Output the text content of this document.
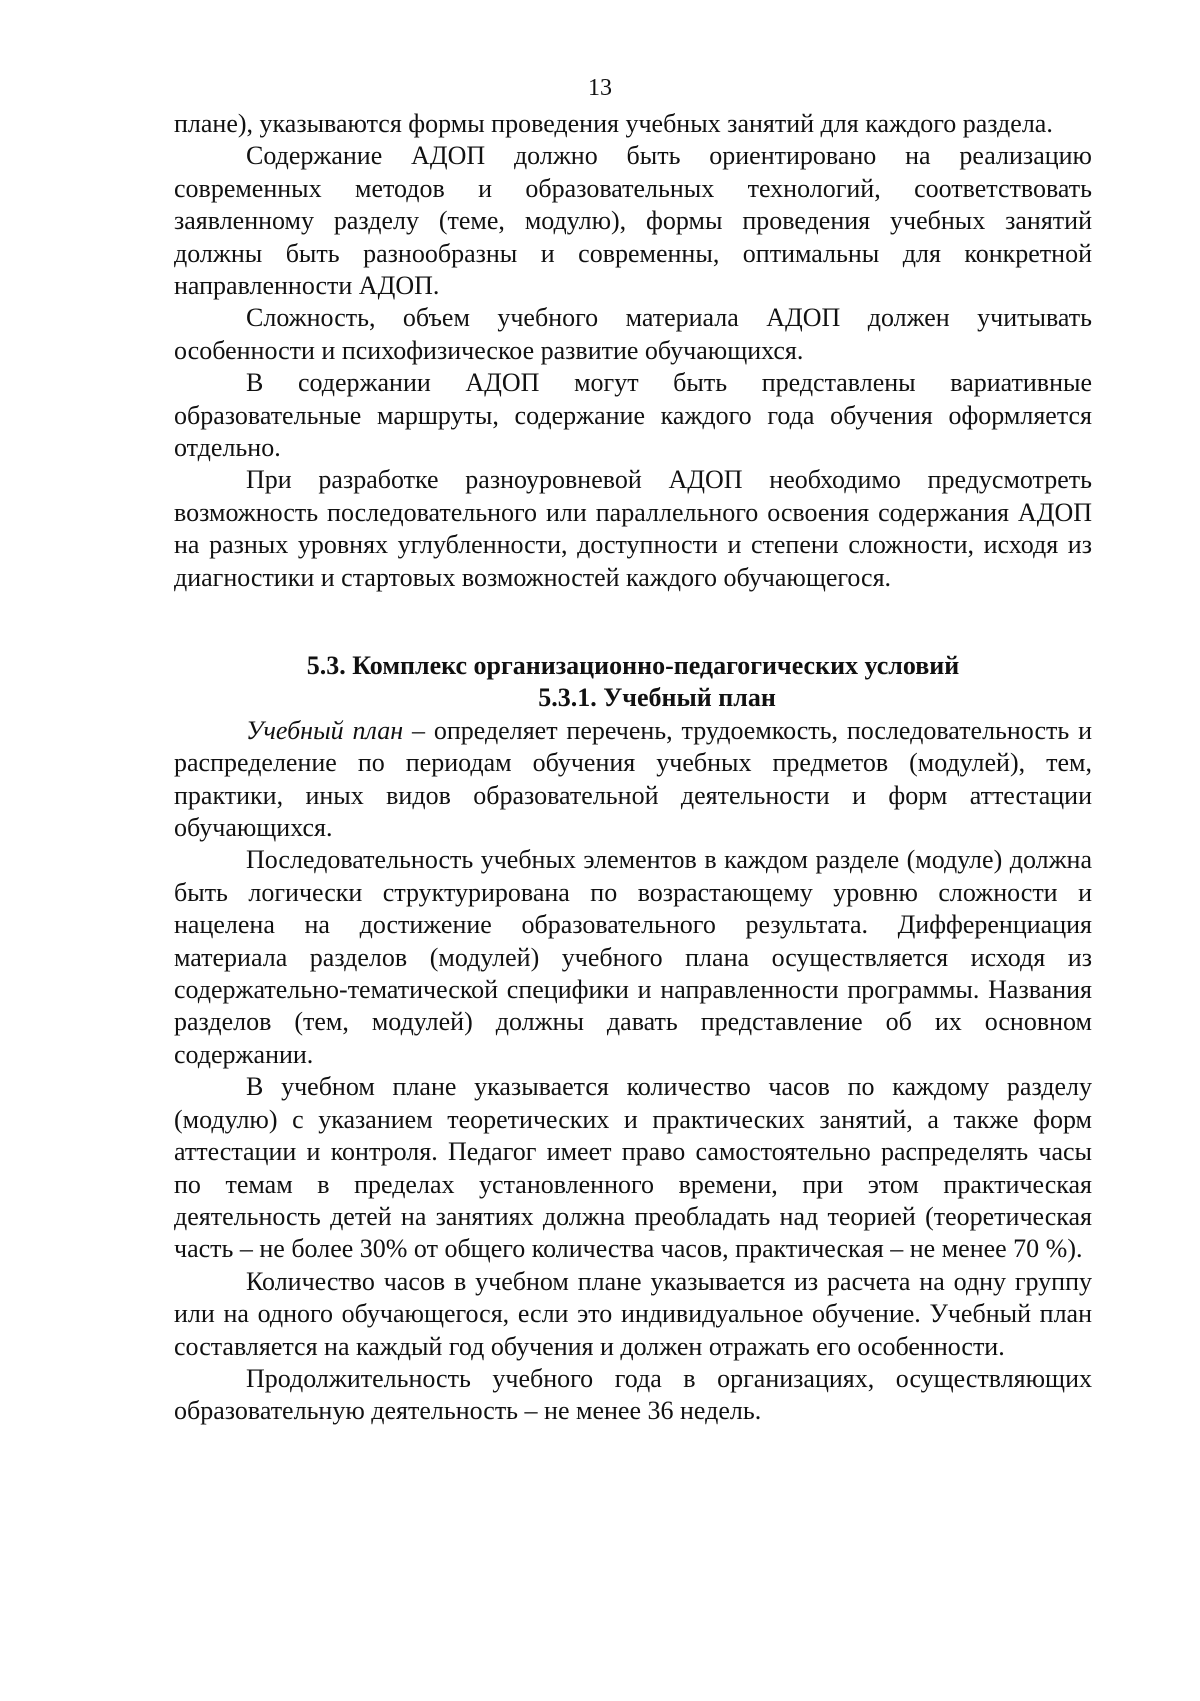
13

плане), указываются формы проведения учебных занятий для каждого раздела.

Содержание АДОП должно быть ориентировано на реализацию современных методов и образовательных технологий, соответствовать заявленному разделу (теме, модулю), формы проведения учебных занятий должны быть разнообразны и современны, оптимальны для конкретной направленности АДОП.

Сложность, объем учебного материала АДОП должен учитывать особенности и психофизическое развитие обучающихся.

В содержании АДОП могут быть представлены вариативные образовательные маршруты, содержание каждого года обучения оформляется отдельно.

При разработке разноуровневой АДОП необходимо предусмотреть возможность последовательного или параллельного освоения содержания АДОП на разных уровнях углубленности, доступности и степени сложности, исходя из диагностики и стартовых возможностей каждого обучающегося.

5.3. Комплекс организационно-педагогических условий
5.3.1. Учебный план

Учебный план – определяет перечень, трудоемкость, последовательность и распределение по периодам обучения учебных предметов (модулей), тем, практики, иных видов образовательной деятельности и форм аттестации обучающихся.

Последовательность учебных элементов в каждом разделе (модуле) должна быть логически структурирована по возрастающему уровню сложности и нацелена на достижение образовательного результата. Дифференциация материала разделов (модулей) учебного плана осуществляется исходя из содержательно-тематической специфики и направленности программы. Названия разделов (тем, модулей) должны давать представление об их основном содержании.

В учебном плане указывается количество часов по каждому разделу (модулю) с указанием теоретических и практических занятий, а также форм аттестации и контроля. Педагог имеет право самостоятельно распределять часы по темам в пределах установленного времени, при этом практическая деятельность детей на занятиях должна преобладать над теорией (теоретическая часть – не более 30% от общего количества часов, практическая – не менее 70 %).

Количество часов в учебном плане указывается из расчета на одну группу или на одного обучающегося, если это индивидуальное обучение. Учебный план составляется на каждый год обучения и должен отражать его особенности.

Продолжительность учебного года в организациях, осуществляющих образовательную деятельность – не менее 36 недель.
